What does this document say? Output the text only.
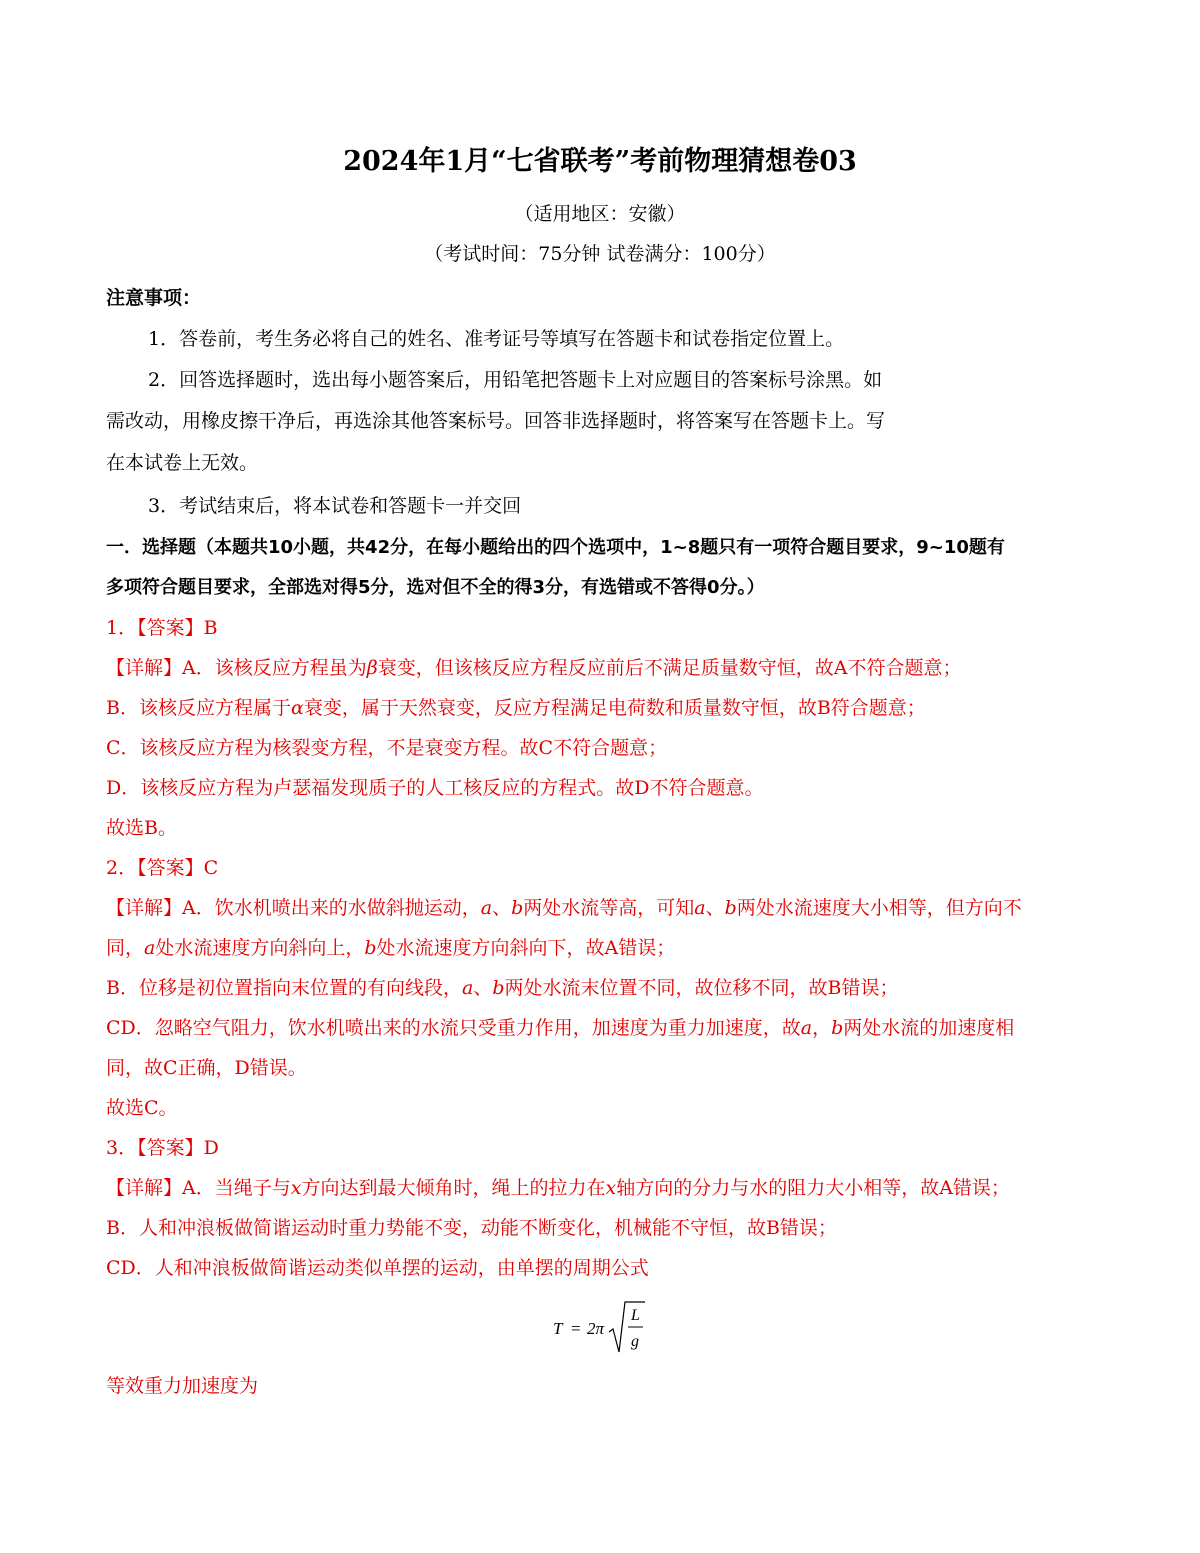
2024年1月“七省联考”考前物理猜想卷03
（适用地区：安徽）
（考试时间：75分钟 试卷满分：100分）
注意事项：
1．答卷前，考生务必将自己的姓名、准考证号等填写在答题卡和试卷指定位置上。
2．回答选择题时，选出每小题答案后，用铅笔把答题卡上对应题目的答案标号涂黑。如
需改动，用橡皮擦干净后，再选涂其他答案标号。回答非选择题时，将答案写在答题卡上。写
在本试卷上无效。
3．考试结束后，将本试卷和答题卡一并交回
一．选择题（本题共10小题，共42分，在每小题给出的四个选项中，1~8题只有一项符合题目要求，9~10题有
多项符合题目要求，全部选对得5分，选对但不全的得3分，有选错或不答得0分。）
1．【答案】B
【详解】A．该核反应方程虽为β衰变，但该核反应方程反应前后不满足质量数守恒，故A不符合题意；
B．该核反应方程属于α衰变，属于天然衰变，反应方程满足电荷数和质量数守恒，故B符合题意；
C．该核反应方程为核裂变方程，不是衰变方程。故C不符合题意；
D．该核反应方程为卢瑟福发现质子的人工核反应的方程式。故D不符合题意。
故选B。
2．【答案】C
【详解】A．饮水机喷出来的水做斜抛运动，a、b两处水流等高，可知a、b两处水流速度大小相等，但方向不
同，a处水流速度方向斜向上，b处水流速度方向斜向下，故A错误；
B．位移是初位置指向末位置的有向线段，a、b两处水流末位置不同，故位移不同，故B错误；
CD．忽略空气阻力，饮水机喷出来的水流只受重力作用，加速度为重力加速度，故a，b两处水流的加速度相
同，故C正确，D错误。
故选C。
3．【答案】D
【详解】A．当绳子与x方向达到最大倾角时，绳上的拉力在x轴方向的分力与水的阻力大小相等，故A错误；
B．人和冲浪板做简谐运动时重力势能不变，动能不断变化，机械能不守恒，故B错误；
CD．人和冲浪板做简谐运动类似单摆的运动，由单摆的周期公式
T = 2π
L
g
等效重力加速度为
